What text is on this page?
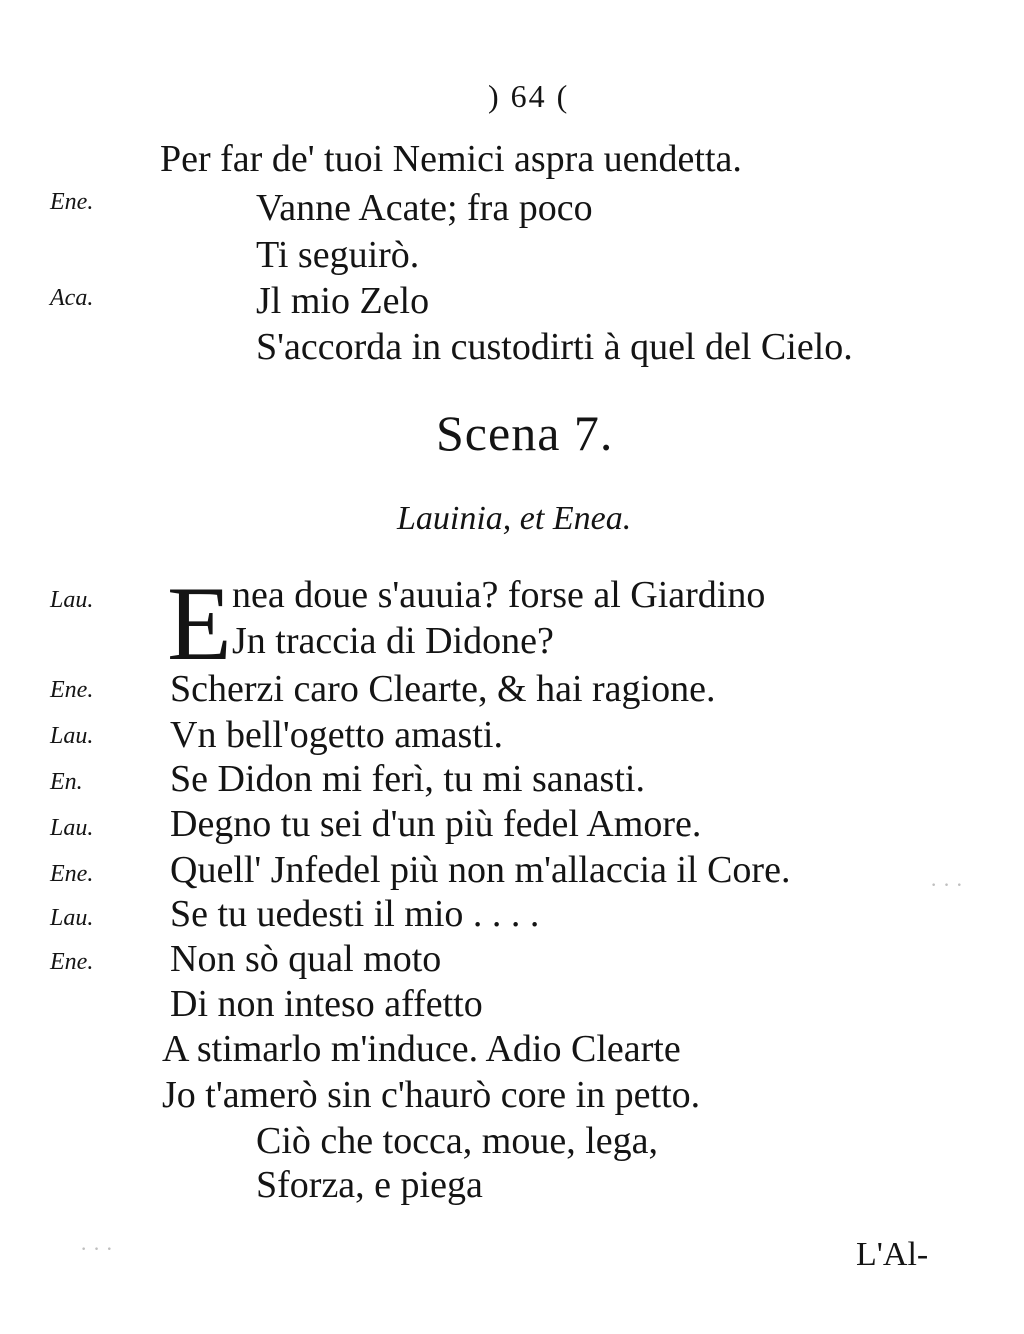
· · ·
· · ·
) 64 (
Per far de' tuoi Nemici aspra uendetta.
Ene.	Vanne Acate; fra poco
Ti seguirò.
Aca.	Jl mio Zelo
S'accorda in custodirti à quel del Cielo.
Scena 7.
Lauinia, et Enea.
Lau. E nea doue s'auuia? forse al Giardino
Jn traccia di Didone?
Ene. Scherzi caro Clearte, & hai ragione.
Lau. Vn bell'ogetto amasti.
En. Se Didon mi ferì, tu mi sanasti.
Lau. Degno tu sei d'un più fedel Amore.
Ene. Quell' Jnfedel più non m'allaccia il Core.
Lau. Se tu uedesti il mio . . . .
Ene. Non sò qual moto
Di non inteso affetto
A stimarlo m'induce. Adio Clearte
Jo t'amerò sin c'haurò core in petto.
Ciò che tocca, moue, lega,
Sforza, e piega
L'Al-
